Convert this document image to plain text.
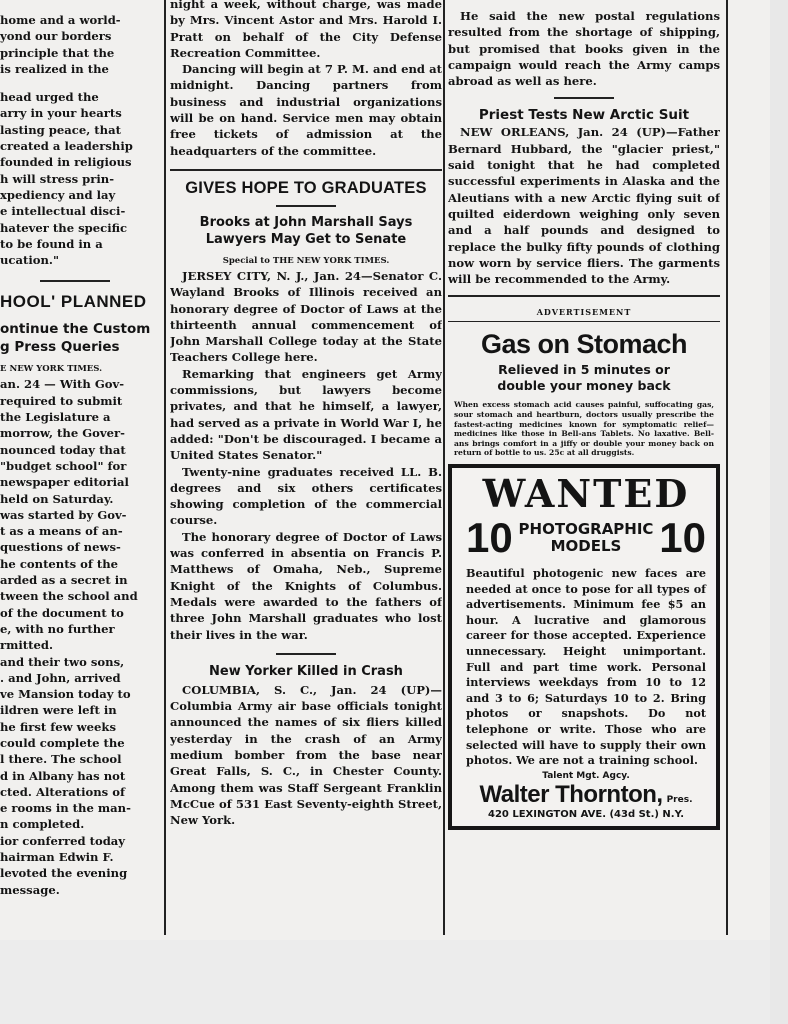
home and a world-
yond our borders
principle that the
is realized in the
head urged the
arry in your hearts
lasting peace, that
created a leadership
founded in religious
h will stress prin-
xpediency and lay
e intellectual disci-
hatever the specific
to be found in a
ucation."
HOOL' PLANNED
ontinue the Custom
g Press Queries
E NEW YORK TIMES.
an. 24 — With Gov-
required to submit
the Legislature a
morrow, the Gover-
nounced today that
"budget school" for
newspaper editorial
held on Saturday.
was started by Gov-
t as a means of an-
questions of news-
he contents of the
arded as a secret in
tween the school and
of the document to
e, with no further
rmitted.
and their two sons,
. and John, arrived
ve Mansion today to
ildren were left in
he first few weeks
could complete the
l there. The school
d in Albany has not
cted. Alterations of
e rooms in the man-
n completed.
ior conferred today
hairman Edwin F.
levoted the evening
message.

night a week, without charge, was made by Mrs. Vincent Astor and Mrs. Harold I. Pratt on behalf of the City Defense Recreation Committee.

Dancing will begin at 7 P. M. and end at midnight. Dancing partners from business and industrial organizations will be on hand. Service men may obtain free tickets of admission at the headquarters of the committee.

GIVES HOPE TO GRADUATES
Brooks at John Marshall Says Lawyers May Get to Senate
Special to THE NEW YORK TIMES.

JERSEY CITY, N. J., Jan. 24—Senator C. Wayland Brooks of Illinois received an honorary degree of Doctor of Laws at the thirteenth annual commencement of John Marshall College today at the State Teachers College here.

Remarking that engineers get Army commissions, but lawyers become privates, and that he himself, a lawyer, had served as a private in World War I, he added: "Don't be discouraged. I became a United States Senator."

Twenty-nine graduates received LL. B. degrees and six others certificates showing completion of the commercial course.

The honorary degree of Doctor of Laws was conferred in absentia on Francis P. Matthews of Omaha, Neb., Supreme Knight of the Knights of Columbus. Medals were awarded to the fathers of three John Marshall graduates who lost their lives in the war.

New Yorker Killed in Crash

COLUMBIA, S. C., Jan. 24 (UP)—Columbia Army air base officials tonight announced the names of six fliers killed yesterday in the crash of an Army medium bomber from the base near Great Falls, S. C., in Chester County. Among them was Staff Sergeant Franklin McCue of 531 East Seventy-eighth Street, New York.

He said the new postal regulations resulted from the shortage of shipping, but promised that books given in the campaign would reach the Army camps abroad as well as here.

Priest Tests New Arctic Suit

NEW ORLEANS, Jan. 24 (UP)—Father Bernard Hubbard, the "glacier priest," said tonight that he had completed successful experiments in Alaska and the Aleutians with a new Arctic flying suit of quilted eiderdown weighing only seven and a half pounds and designed to replace the bulky fifty pounds of clothing now worn by service fliers. The garments will be recommended to the Army.

ADVERTISEMENT
Gas on Stomach
Relieved in 5 minutes or double your money back
When excess stomach acid causes painful, suffocating gas, sour stomach and heartburn, doctors usually prescribe the fastest-acting medicines known for symptomatic relief—medicines like those in Bell-ans Tablets. No laxative. Bell-ans brings comfort in a jiffy or double your money back on return of bottle to us. 25c at all druggists.
WANTED
10 PHOTOGRAPHIC
MODELS 10
Beautiful photogenic new faces are needed at once to pose for all types of advertisements. Minimum fee $5 an hour. A lucrative and glamorous career for those accepted. Experience unnecessary. Height unimportant. Full and part time work. Personal interviews weekdays from 10 to 12 and 3 to 6; Saturdays 10 to 2. Bring photos or snapshots. Do not telephone or write. Those who are selected will have to supply their own photos. We are not a training school.
Talent Mgt. Agcy.
Walter Thornton, Pres.
420 LEXINGTON AVE. (43d St.) N.Y.
